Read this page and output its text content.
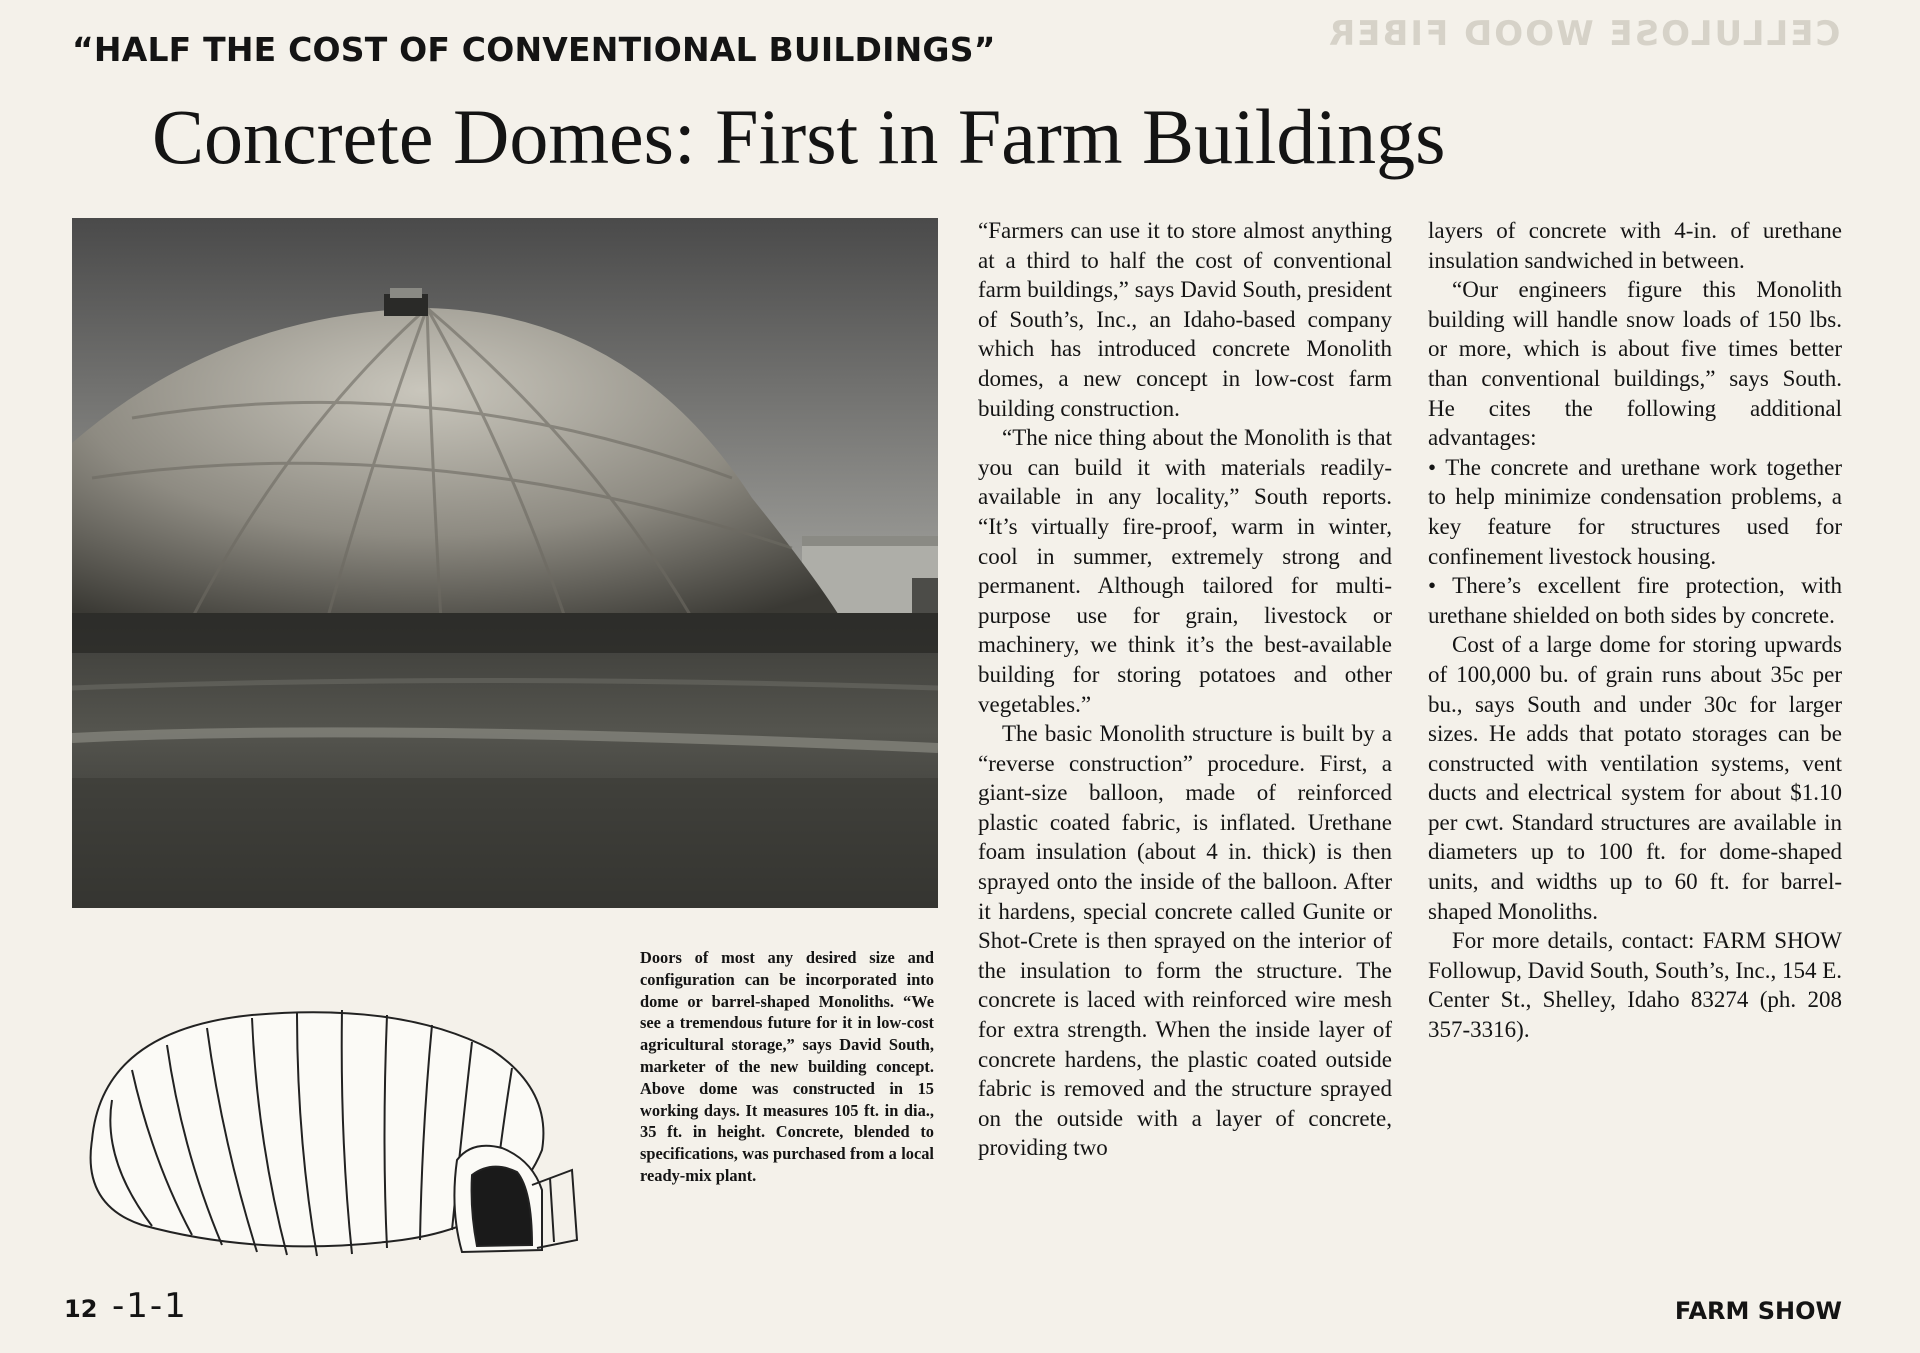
“HALF THE COST OF CONVENTIONAL BUILDINGS”	CELLULOSE WOOD FIBER
Concrete Domes: First in Farm Buildings
Doors of most any desired size and configuration can be incorporated into dome or barrel-shaped Monoliths. “We see a tremendous future for it in low-cost agricultural storage,” says David South, marketer of the new building concept. Above dome was constructed in 15 working days. It measures 105 ft. in dia., 35 ft. in height. Concrete, blended to specifications, was purchased from a local ready-mix plant.

“Farmers can use it to store almost anything at a third to half the cost of conventional farm buildings,” says David South, president of South’s, Inc., an Idaho-based company which has introduced concrete Monolith domes, a new concept in low-cost farm building construction.

“The nice thing about the Monolith is that you can build it with materials readily-available in any locality,” South reports. “It’s virtually fire-proof, warm in winter, cool in summer, extremely strong and permanent. Although tailored for multi-purpose use for grain, livestock or machinery, we think it’s the best-available building for storing potatoes and other vegetables.”

The basic Monolith structure is built by a “reverse construction” procedure. First, a giant-size balloon, made of reinforced plastic coated fabric, is inflated. Urethane foam insulation (about 4 in. thick) is then sprayed onto the inside of the balloon. After it hardens, special concrete called Gunite or Shot-Crete is then sprayed on the interior of the insulation to form the structure. The concrete is laced with reinforced wire mesh for extra strength. When the inside layer of concrete hardens, the plastic coated outside fabric is removed and the structure sprayed on the outside with a layer of concrete, providing two

layers of concrete with 4-in. of urethane insulation sandwiched in between.

“Our engineers figure this Monolith building will handle snow loads of 150 lbs. or more, which is about five times better than conventional buildings,” says South. He cites the following additional advantages:

• The concrete and urethane work together to help minimize condensation problems, a key feature for structures used for confinement livestock housing.

• There’s excellent fire protection, with urethane shielded on both sides by concrete.

Cost of a large dome for storing upwards of 100,000 bu. of grain runs about 35c per bu., says South and under 30c for larger sizes. He adds that potato storages can be constructed with ventilation systems, vent ducts and electrical system for about $1.10 per cwt. Standard structures are available in diameters up to 100 ft. for dome-shaped units, and widths up to 60 ft. for barrel-shaped Monoliths.

For more details, contact: FARM SHOW Followup, David South, South’s, Inc., 154 E. Center St., Shelley, Idaho 83274 (ph. 208 357-3316).

12 -1-1	FARM SHOW
